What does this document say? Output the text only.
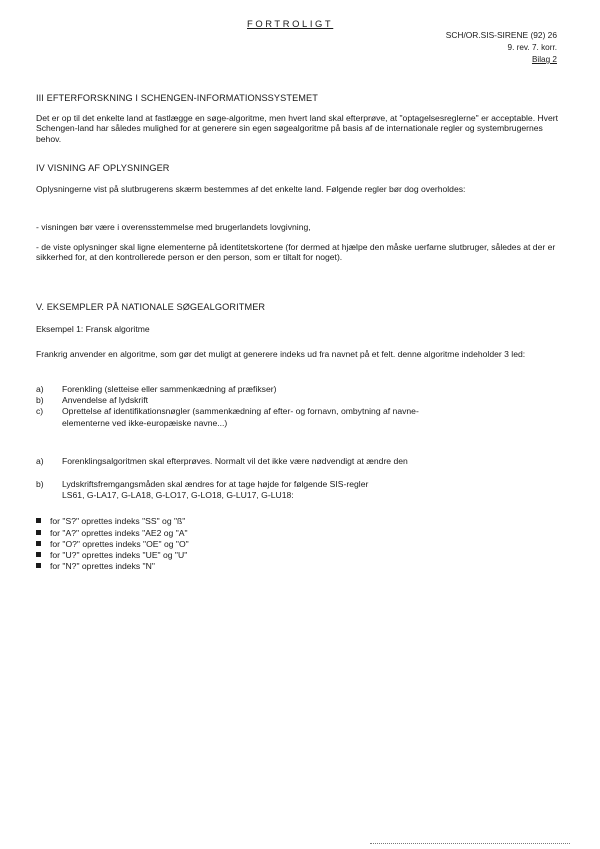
FORTROLIGT
SCH/OR.SIS-SIRENE (92) 26
9. rev. 7. korr.
Bilag 2
III EFTERFORSKNING I SCHENGEN-INFORMATIONSSYSTEMET
Det er op til det enkelte land at fastlægge en søge-algoritme, men hvert land skal efterprøve, at "optagelsesreglerne" er acceptable. Hvert Schengen-land har således mulighed for at generere sin egen søgealgoritme på basis af de internationale regler og systembrugernes behov.
IV VISNING AF OPLYSNINGER
Oplysningerne vist på slutbrugerens skærm bestemmes af det enkelte land. Følgende regler bør dog overholdes:
- visningen bør være i overensstemmelse med brugerlandets lovgivning,
- de viste oplysninger skal ligne elementerne på identitetskortene (for dermed at hjælpe den måske uerfarne slutbruger, således at der er sikkerhed for, at den kontrollerede person er den person, som er tiltalt for noget).
V. EKSEMPLER PÅ NATIONALE SØGEALGORITMER
Eksempel 1: Fransk algoritme
Frankrig anvender en algoritme, som gør det muligt at generere indeks ud fra navnet på et felt. denne algoritme indeholder 3 led:
a) Forenkling (sletteise eller sammenkædning af præfikser)
b) Anvendelse af lydskrift
c) Oprettelse af identifikationsnøgler (sammenkædning af efter- og fornavn, ombytning af navne-
elementerne ved ikke-europæiske navne...)
a) Forenklingsalgoritmen skal efterprøves. Normalt vil det ikke være nødvendigt at ændre den
b) Lydskriftsfremgangsmåden skal ændres for at tage højde for følgende SIS-regler
LS61, G-LA17, G-LA18, G-LO17, G-LO18, G-LU17, G-LU18:
for "S?" oprettes indeks "SS" og "ß"
for "A?" oprettes indeks "AE2 og "A"
for "O?" oprettes indeks "OE" og "O"
for "U?" oprettes indeks "UE" og "U"
for "N?" oprettes indeks "N"
